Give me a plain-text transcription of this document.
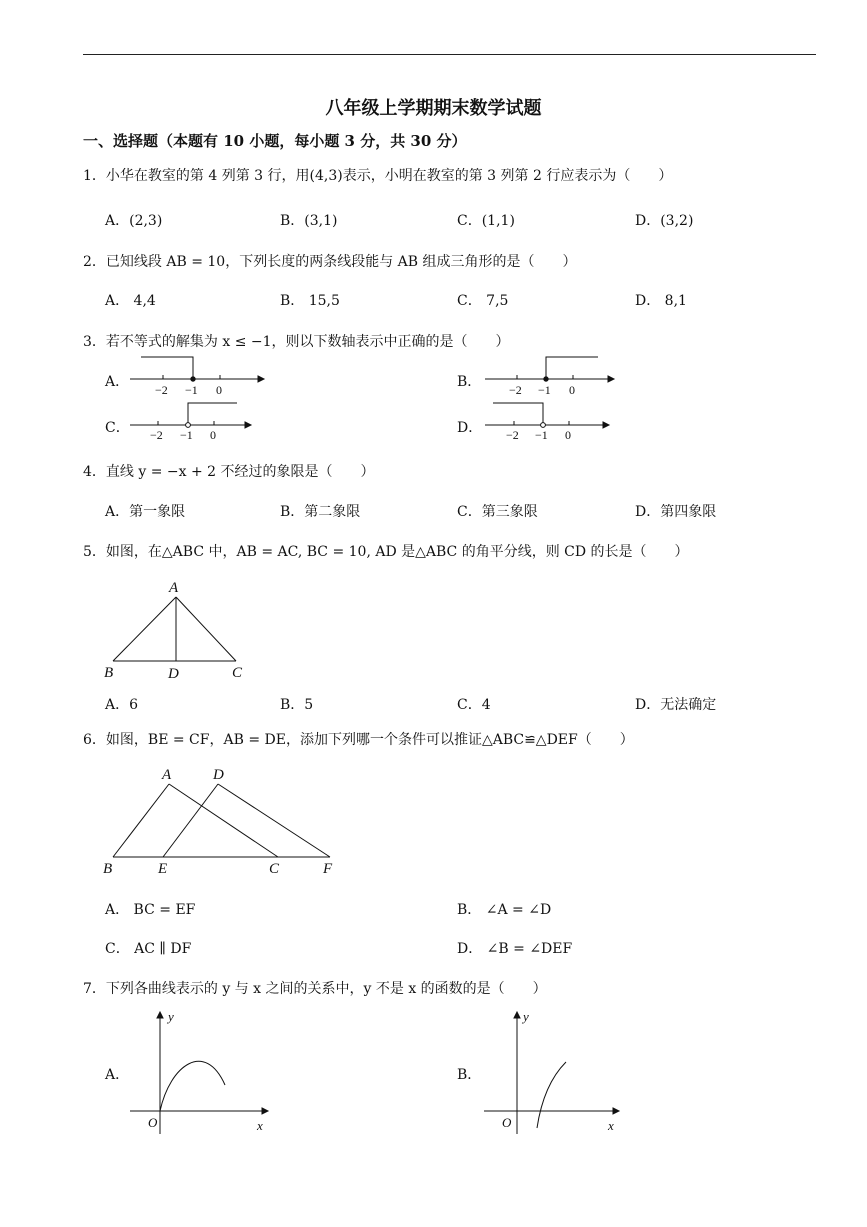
八年级上学期期末数学试题
一、选择题（本题有 10 小题，每小题 3 分，共 30 分）
1．小华在教室的第 4 列第 3 行，用(4,3)表示，小明在教室的第 3 列第 2 行应表示为（　　）
A．(2,3)	B．(3,1)	C．(1,1)	D．(3,2)
2．已知线段 AB = 10，下列长度的两条线段能与 AB 组成三角形的是（　　）
A． 4,4	B． 15,5	C． 7,5	D． 8,1
3．若不等式的解集为 x ≤ −1，则以下数轴表示中正确的是（　　）
A．	B．
C．	D．
−2 −1 0	−2 −1 0
−2 −1 0	−2 −1 0
4．直线 y = −x + 2 不经过的象限是（　　）
A．第一象限	B．第二象限	C．第三象限	D．第四象限
5．如图，在△ABC 中，AB = AC, BC = 10, AD 是△ABC 的角平分线，则 CD 的长是（　　）
A
B	D	C
A．6	B．5	C．4	D．无法确定
6．如图，BE = CF，AB = DE，添加下列哪一个条件可以推证△ABC≌△DEF（　　）
A	D
B	E	C	F
A． BC = EF	B． ∠A = ∠D
C． AC ∥ DF	D． ∠B = ∠DEF
7．下列各曲线表示的 y 与 x 之间的关系中，y 不是 x 的函数的是（　　）
A．	B．
y
x
O
y
x
O
